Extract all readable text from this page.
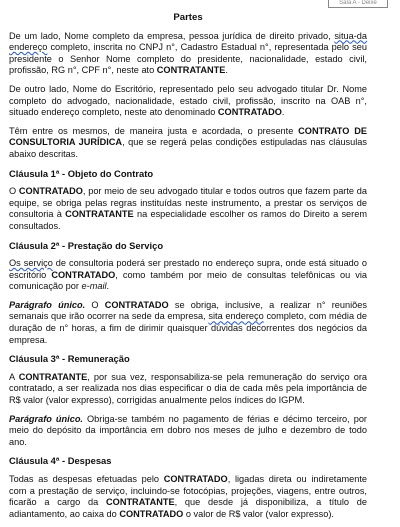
Sala A - Deixe
Partes

De um lado, Nome completo da empresa, pessoa jurídica de direito privado, situa-da endereço completo, inscrita no CNPJ n°, Cadastro Estadual n°, representada pelo seu presidente o Senhor Nome completo do presidente, nacionalidade, estado civil, profissão, RG n°, CPF n°, neste ato CONTRATANTE.

De outro lado, Nome do Escritório, representado pelo seu advogado titular Dr. Nome completo do advogado, nacionalidade, estado civil, profissão, inscrito na OAB n°, situado endereço completo, neste ato denominado CONTRATADO.

Têm entre os mesmos, de maneira justa e acordada, o presente CONTRATO DE CONSULTORIA JURÍDICA, que se regerá pelas condições estipuladas nas cláusulas abaixo descritas.

Cláusula 1ª - Objeto do Contrato

O CONTRATADO, por meio de seu advogado titular e todos outros que fazem parte da equipe, se obriga pelas regras instituídas neste instrumento, a prestar os serviços de consultoria à CONTRATANTE na especialidade escolher os ramos do Direito a serem consultados.

Cláusula 2ª - Prestação do Serviço

Os serviço de consultoria poderá ser prestado no endereço supra, onde está situado o escritório CONTRATADO, como também por meio de consultas telefônicas ou via comunicação por e-mail.

Parágrafo único. O CONTRATADO se obriga, inclusive, a realizar n° reuniões semanais que irão ocorrer na sede da empresa, sita endereço completo, com média de duração de n° horas, a fim de dirimir quaisquer dúvidas decorrentes dos negócios da empresa.

Cláusula 3ª - Remuneração

A CONTRATANTE, por sua vez, responsabiliza-se pela remuneração do serviço ora contratado, a ser realizada nos dias especificar o dia de cada mês pela importância de R$ valor (valor expresso), corrigidas anualmente pelos índices do IGPM.

Parágrafo único. Obriga-se também no pagamento de férias e décimo terceiro, por meio do depósito da importância em dobro nos meses de julho e dezembro de todo ano.

Cláusula 4ª - Despesas

Todas as despesas efetuadas pelo CONTRATADO, ligadas direta ou indiretamente com a prestação de serviço, incluindo-se fotocópias, projeções, viagens, entre outros, ficarão a cargo da CONTRATANTE, que desde já disponibiliza, a título de adiantamento, ao caixa do CONTRATADO o valor de R$ valor (valor expresso).
